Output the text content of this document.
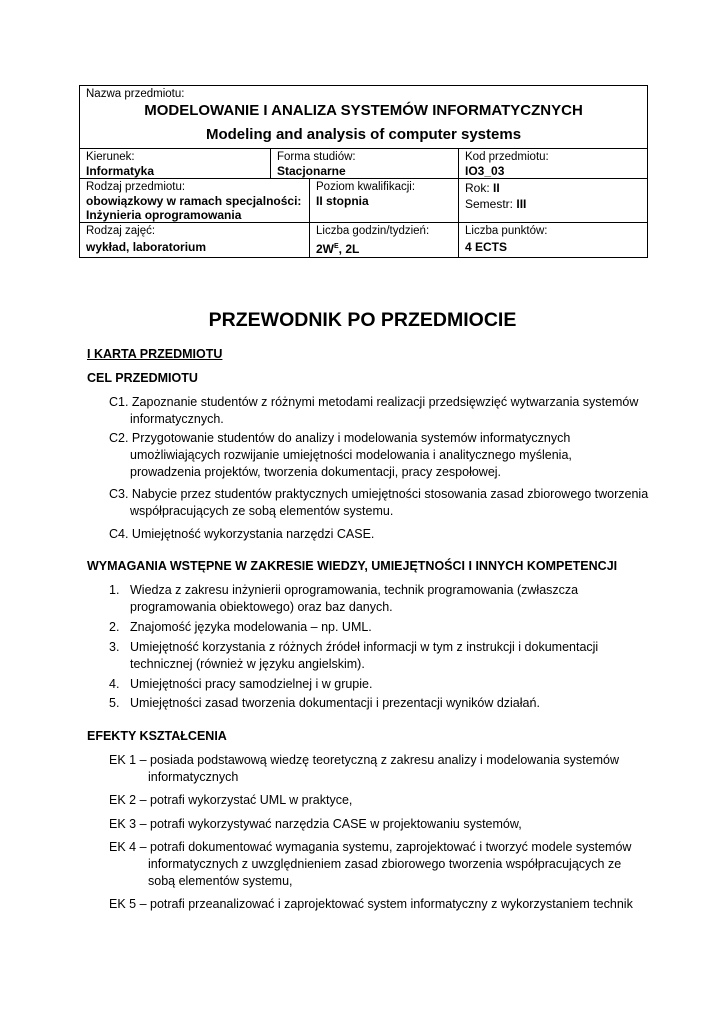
Nazwa przedmiotu:
MODELOWANIE I ANALIZA SYSTEMÓW INFORMATYCZNYCH
Modeling and analysis of computer systems
Kierunek:
Informatyka
Forma studiów:
Stacjonarne
Kod przedmiotu:
IO3_03
Rodzaj przedmiotu:
obowiązkowy w ramach specjalności:
Inżynieria oprogramowania
Poziom kwalifikacji:
II stopnia
Rok: II
Semestr: III
Rodzaj zajęć:
wykład, laboratorium
Liczba godzin/tydzień:
$2W^E$, 2L
Liczba punktów:
4 ECTS
PRZEWODNIK PO PRZEDMIOCIE
I KARTA PRZEDMIOTU
CEL PRZEDMIOTU
C1. Zapoznanie studentów z różnymi metodami realizacji przedsięwzięć wytwarzania systemów
informatycznych.
C2. Przygotowanie studentów do analizy i modelowania systemów informatycznych
umożliwiających rozwijanie umiejętności modelowania i analitycznego myślenia,
prowadzenia projektów, tworzenia dokumentacji, pracy zespołowej.
C3. Nabycie przez studentów praktycznych umiejętności stosowania zasad zbiorowego tworzenia
współpracujących ze sobą elementów systemu.
C4. Umiejętność wykorzystania narzędzi CASE.
WYMAGANIA WSTĘPNE W ZAKRESIE WIEDZY, UMIEJĘTNOŚCI I INNYCH KOMPETENCJI
1. Wiedza z zakresu inżynierii oprogramowania, technik programowania (zwłaszcza
programowania obiektowego) oraz baz danych.
2. Znajomość języka modelowania – np. UML.
3. Umiejętność korzystania z różnych źródeł informacji w tym z instrukcji i dokumentacji
technicznej (również w języku angielskim).
4. Umiejętności pracy samodzielnej i w grupie.
5. Umiejętności zasad tworzenia dokumentacji i prezentacji wyników działań.
EFEKTY KSZTAŁCENIA
EK 1 – posiada podstawową wiedzę teoretyczną z zakresu analizy i modelowania systemów
informatycznych
EK 2 – potrafi wykorzystać UML w praktyce,
EK 3 – potrafi wykorzystywać narzędzia CASE w projektowaniu systemów,
EK 4 – potrafi dokumentować wymagania systemu, zaprojektować i tworzyć modele systemów
informatycznych z uwzględnieniem zasad zbiorowego tworzenia współpracujących ze
sobą elementów systemu,
EK 5 – potrafi przeanalizować i zaprojektować system informatyczny z wykorzystaniem technik
